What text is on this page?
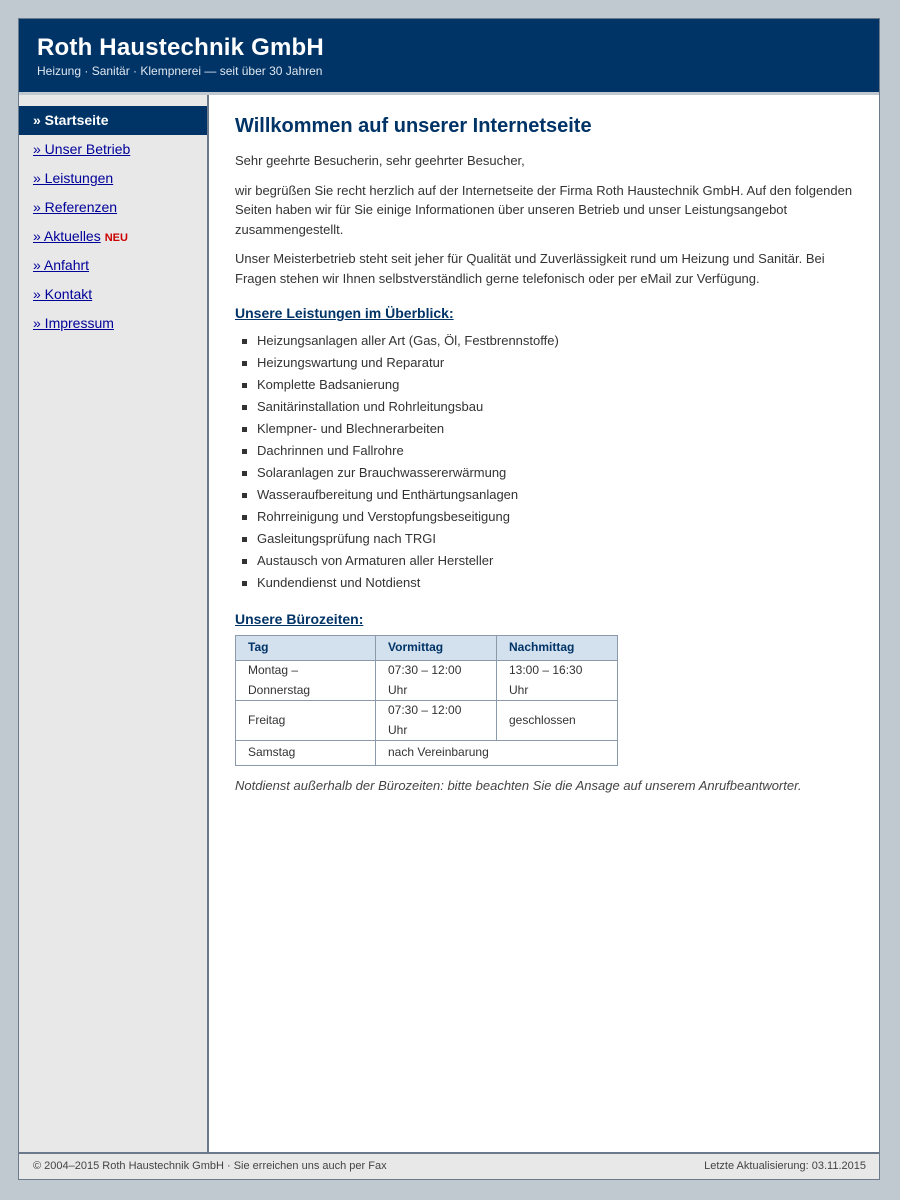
Roth Haustechnik GmbH
Heizung · Sanitär · Klempnerei — seit über 30 Jahren
» Startseite
» Unser Betrieb
» Leistungen
» Referenzen
» Aktuelles NEU
» Anfahrt
» Kontakt
» Impressum
Willkommen auf unserer Internetseite

Sehr geehrte Besucherin, sehr geehrter Besucher,

wir begrüßen Sie recht herzlich auf der Internetseite der Firma Roth Haustechnik GmbH. Auf den folgenden Seiten haben wir für Sie einige Informationen über unseren Betrieb und unser Leistungsangebot zusammengestellt.

Unser Meisterbetrieb steht seit jeher für Qualität und Zuverlässigkeit rund um Heizung und Sanitär. Bei Fragen stehen wir Ihnen selbstverständlich gerne telefonisch oder per eMail zur Verfügung.

Unsere Leistungen im Überblick:
Heizungsanlagen aller Art (Gas, Öl, Festbrennstoffe)
Heizungswartung und Reparatur
Komplette Badsanierung
Sanitärinstallation und Rohrleitungsbau
Klempner- und Blechnerarbeiten
Dachrinnen und Fallrohre
Solaranlagen zur Brauchwassererwärmung
Wasseraufbereitung und Enthärtungsanlagen
Rohrreinigung und Verstopfungsbeseitigung
Gasleitungsprüfung nach TRGI
Austausch von Armaturen aller Hersteller
Kundendienst und Notdienst
Unsere Bürozeiten:
Tag	Vormittag	Nachmittag
Montag – Donnerstag	07:30 – 12:00 Uhr	13:00 – 16:30 Uhr
Freitag	07:30 – 12:00 Uhr	geschlossen
Samstag	nach Vereinbarung	

Notdienst außerhalb der Bürozeiten: bitte beachten Sie die Ansage auf unserem Anrufbeantworter.

© 2004–2015 Roth Haustechnik GmbH · Sie erreichen uns auch per Fax	Letzte Aktualisierung: 03.11.2015
